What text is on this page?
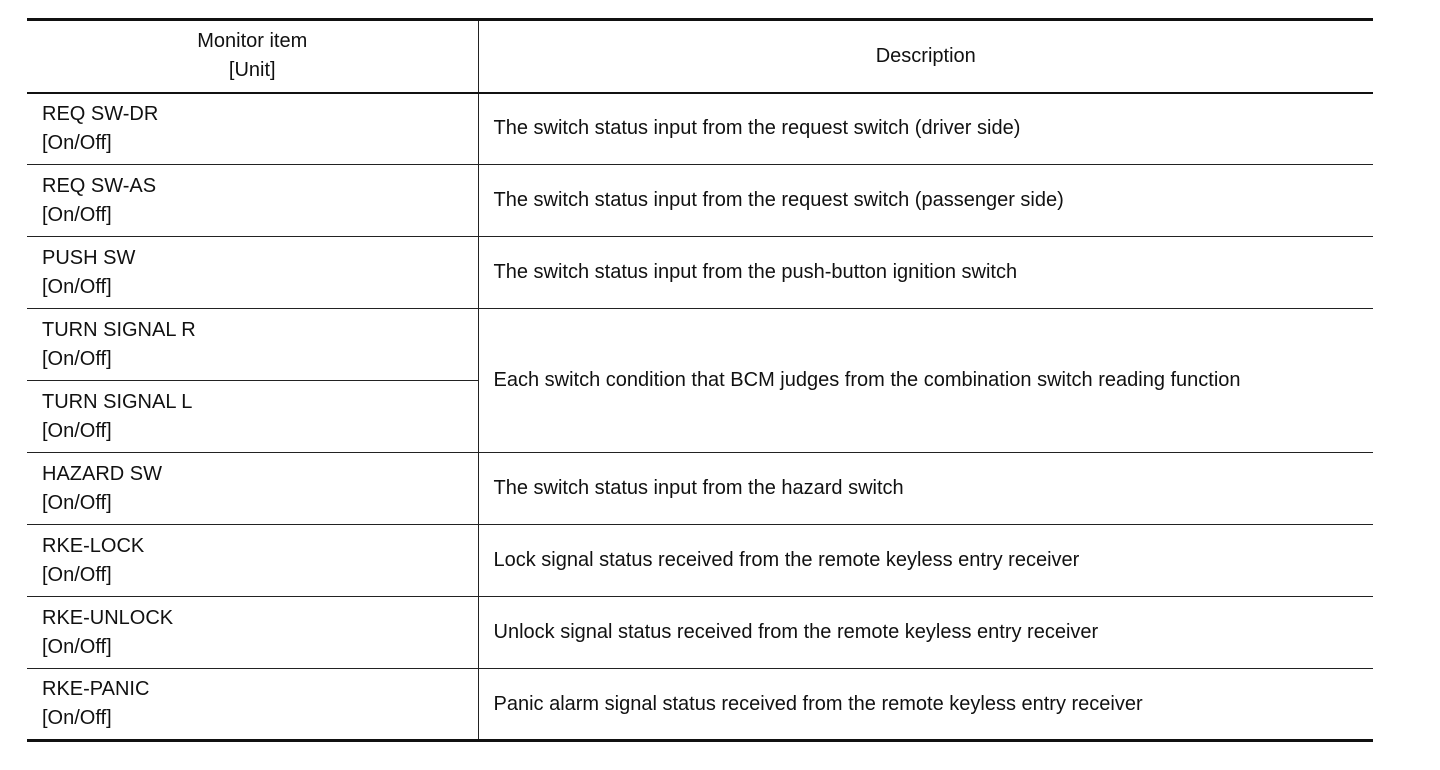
Monitor item
[Unit]	Description

REQ SW-DR
[On/Off]	The switch status input from the request switch (driver side)

REQ SW-AS
[On/Off]	The switch status input from the request switch (passenger side)

PUSH SW
[On/Off]	The switch status input from the push-button ignition switch

TURN SIGNAL R
[On/Off]	Each switch condition that BCM judges from the combination switch reading function

TURN SIGNAL L
[On/Off]	

HAZARD SW
[On/Off]	The switch status input from the hazard switch

RKE-LOCK
[On/Off]	Lock signal status received from the remote keyless entry receiver

RKE-UNLOCK
[On/Off]	Unlock signal status received from the remote keyless entry receiver

RKE-PANIC
[On/Off]	Panic alarm signal status received from the remote keyless entry receiver
